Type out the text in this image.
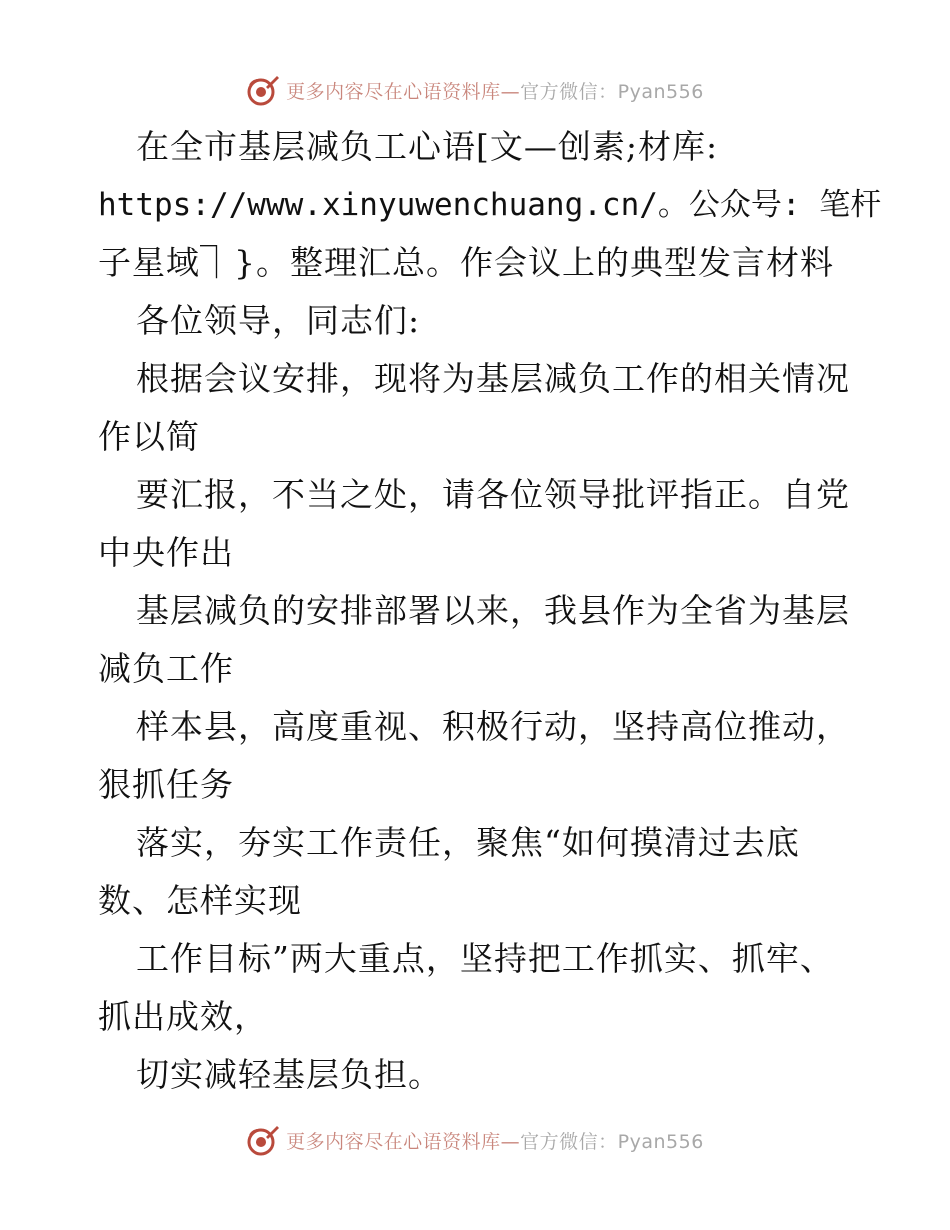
更多内容尽在心语资料库—官方微信：Pyan556
在全市基层减负工心语[文—创素;材库:
https://www.xinyuwenchuang.cn/。公众号: 笔杆
子星域⏋}。整理汇总。作会议上的典型发言材料
各位领导，同志们:
根据会议安排，现将为基层减负工作的相关情况
作以简
要汇报，不当之处，请各位领导批评指正。自党
中央作出
基层减负的安排部署以来，我县作为全省为基层
减负工作
样本县，高度重视、积极行动，坚持高位推动，
狠抓任务
落实，夯实工作责任，聚焦“如何摸清过去底
数、怎样实现
工作目标”两大重点，坚持把工作抓实、抓牢、
抓出成效，
切实减轻基层负担。
更多内容尽在心语资料库—官方微信：Pyan556
